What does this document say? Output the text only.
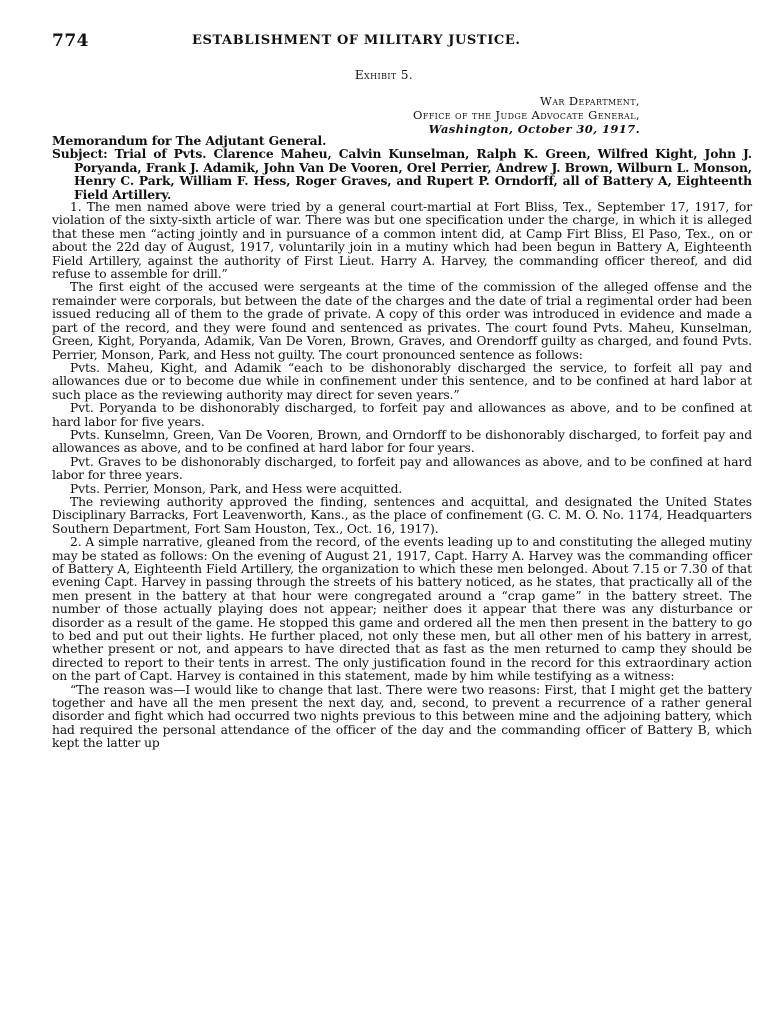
774	ESTABLISHMENT OF MILITARY JUSTICE.
Exhibit 5.
War Department,
Office of the Judge Advocate General,
Washington, October 30, 1917.

Memorandum for The Adjutant General.

Subject: Trial of Pvts. Clarence Maheu, Calvin Kunselman, Ralph K. Green, Wilfred Kight, John J. Poryanda, Frank J. Adamik, John Van De Vooren, Orel Perrier, Andrew J. Brown, Wilburn L. Monson, Henry C. Park, William F. Hess, Roger Graves, and Rupert P. Orndorff, all of Battery A, Eighteenth Field Artillery.

1. The men named above were tried by a general court-martial at Fort Bliss, Tex., September 17, 1917, for violation of the sixty-sixth article of war. There was but one specification under the charge, in which it is alleged that these men “acting jointly and in pursuance of a common intent did, at Camp Firt Bliss, El Paso, Tex., on or about the 22d day of August, 1917, voluntarily join in a mutiny which had been begun in Battery A, Eighteenth Field Artillery, against the authority of First Lieut. Harry A. Harvey, the commanding officer thereof, and did refuse to assemble for drill.”

The first eight of the accused were sergeants at the time of the commission of the alleged offense and the remainder were corporals, but between the date of the charges and the date of trial a regimental order had been issued reducing all of them to the grade of private. A copy of this order was introduced in evidence and made a part of the record, and they were found and sentenced as privates. The court found Pvts. Maheu, Kunselman, Green, Kight, Poryanda, Adamik, Van De Voren, Brown, Graves, and Orendorff guilty as charged, and found Pvts. Perrier, Monson, Park, and Hess not guilty. The court pronounced sentence as follows:

Pvts. Maheu, Kight, and Adamik “each to be dishonorably discharged the service, to forfeit all pay and allowances due or to become due while in confinement under this sentence, and to be confined at hard labor at such place as the reviewing authority may direct for seven years.”

Pvt. Poryanda to be dishonorably discharged, to forfeit pay and allowances as above, and to be confined at hard labor for five years.

Pvts. Kunselmn, Green, Van De Vooren, Brown, and Orndorff to be dishonorably discharged, to forfeit pay and allowances as above, and to be confined at hard labor for four years.

Pvt. Graves to be dishonorably discharged, to forfeit pay and allowances as above, and to be confined at hard labor for three years.

Pvts. Perrier, Monson, Park, and Hess were acquitted.

The reviewing authority approved the finding, sentences and acquittal, and designated the United States Disciplinary Barracks, Fort Leavenworth, Kans., as the place of confinement (G. C. M. O. No. 1174, Headquarters Southern Department, Fort Sam Houston, Tex., Oct. 16, 1917).

2. A simple narrative, gleaned from the record, of the events leading up to and constituting the alleged mutiny may be stated as follows: On the evening of August 21, 1917, Capt. Harry A. Harvey was the commanding officer of Battery A, Eighteenth Field Artillery, the organization to which these men belonged. About 7.15 or 7.30 of that evening Capt. Harvey in passing through the streets of his battery noticed, as he states, that practically all of the men present in the battery at that hour were congregated around a “crap game” in the battery street. The number of those actually playing does not appear; neither does it appear that there was any disturbance or disorder as a result of the game. He stopped this game and ordered all the men then present in the battery to go to bed and put out their lights. He further placed, not only these men, but all other men of his battery in arrest, whether present or not, and appears to have directed that as fast as the men returned to camp they should be directed to report to their tents in arrest. The only justification found in the record for this extraordinary action on the part of Capt. Harvey is contained in this statement, made by him while testifying as a witness:

“The reason was—I would like to change that last. There were two reasons: First, that I might get the battery together and have all the men present the next day, and, second, to prevent a recurrence of a rather general disorder and fight which had occurred two nights previous to this between mine and the adjoining battery, which had required the personal attendance of the officer of the day and the commanding officer of Battery B, which kept the latter up
